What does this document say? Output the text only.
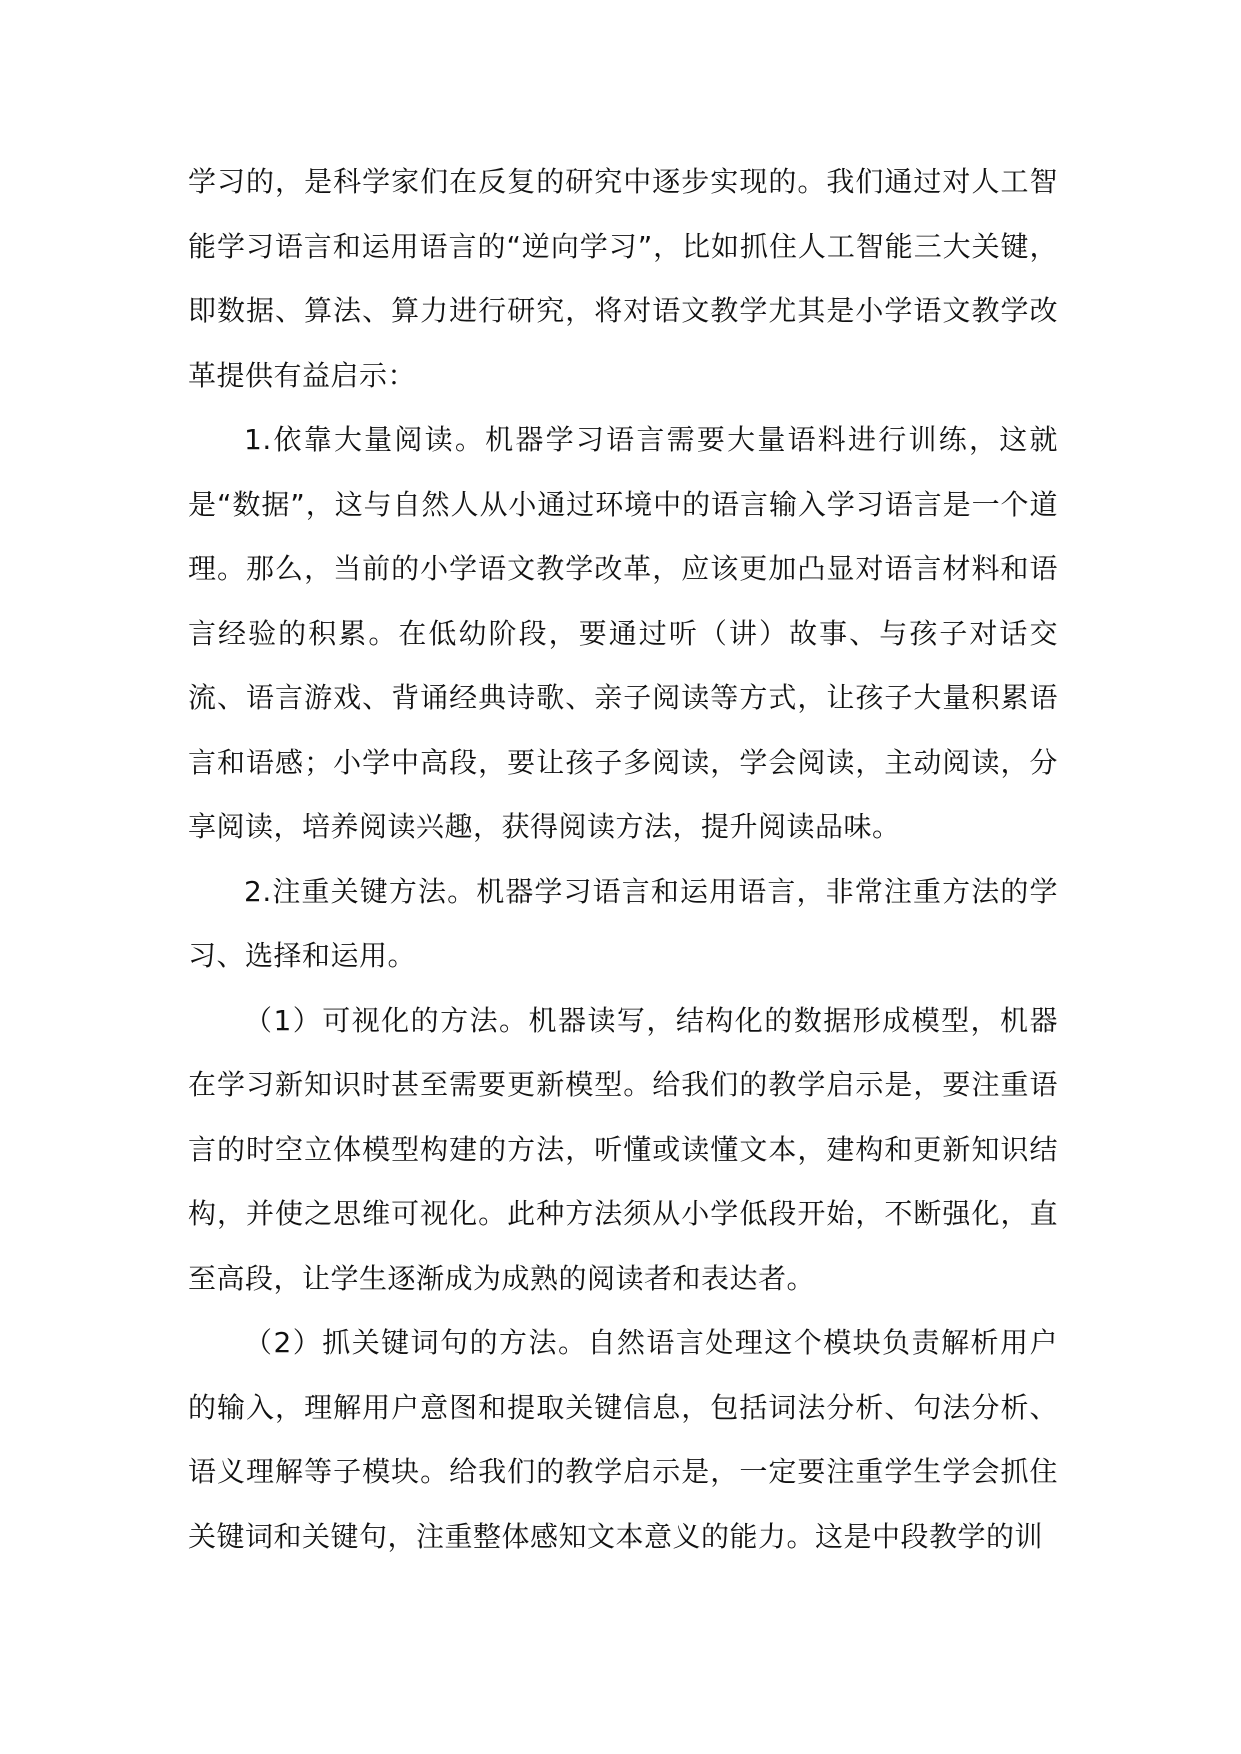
学习的，是科学家们在反复的研究中逐步实现的。我们通过对人工智能学习语言和运用语言的“逆向学习”，比如抓住人工智能三大关键，即数据、算法、算力进行研究，将对语文教学尤其是小学语文教学改革提供有益启示：

1.依靠大量阅读。机器学习语言需要大量语料进行训练，这就是“数据”，这与自然人从小通过环境中的语言输入学习语言是一个道理。那么，当前的小学语文教学改革，应该更加凸显对语言材料和语言经验的积累。在低幼阶段，要通过听（讲）故事、与孩子对话交流、语言游戏、背诵经典诗歌、亲子阅读等方式，让孩子大量积累语言和语感；小学中高段，要让孩子多阅读，学会阅读，主动阅读，分享阅读，培养阅读兴趣，获得阅读方法，提升阅读品味。

2.注重关键方法。机器学习语言和运用语言，非常注重方法的学习、选择和运用。

（1）可视化的方法。机器读写，结构化的数据形成模型，机器在学习新知识时甚至需要更新模型。给我们的教学启示是，要注重语言的时空立体模型构建的方法，听懂或读懂文本，建构和更新知识结构，并使之思维可视化。此种方法须从小学低段开始，不断强化，直至高段，让学生逐渐成为成熟的阅读者和表达者。

（2）抓关键词句的方法。自然语言处理这个模块负责解析用户的输入，理解用户意图和提取关键信息，包括词法分析、句法分析、语义理解等子模块。给我们的教学启示是，一定要注重学生学会抓住关键词和关键句，注重整体感知文本意义的能力。这是中段教学的训
